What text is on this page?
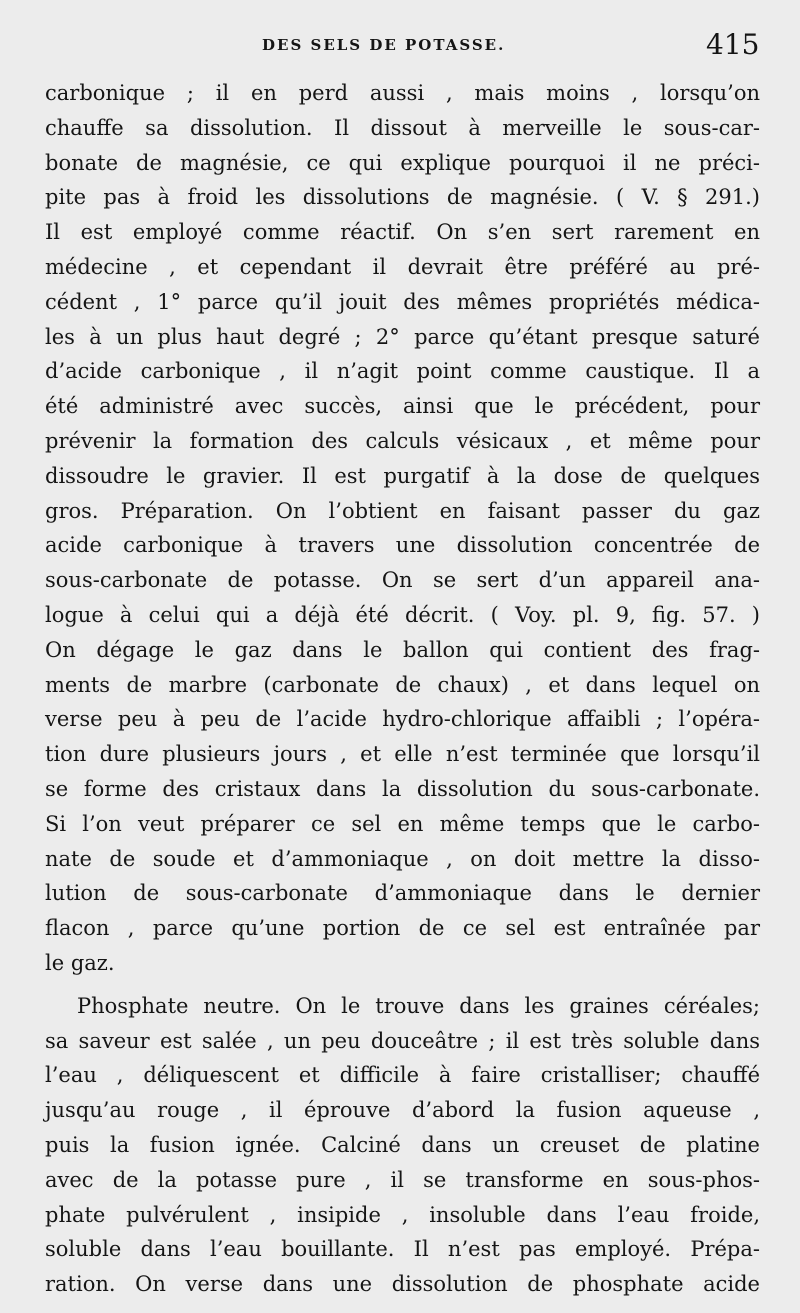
DES SELS DE POTASSE.	415
carbonique ; il en perd aussi , mais moins , lorsqu’on
chauffe sa dissolution. Il dissout à merveille le sous-car-
bonate de magnésie, ce qui explique pourquoi il ne préci-
pite pas à froid les dissolutions de magnésie. ( V. § 291.)
Il est employé comme réactif. On s’en sert rarement en
médecine , et cependant il devrait être préféré au pré-
cédent , 1° parce qu’il jouit des mêmes propriétés médica-
les à un plus haut degré ; 2° parce qu’étant presque saturé
d’acide carbonique , il n’agit point comme caustique. Il a
été administré avec succès, ainsi que le précédent, pour
prévenir la formation des calculs vésicaux , et même pour
dissoudre le gravier. Il est purgatif à la dose de quelques
gros. Préparation. On l’obtient en faisant passer du gaz
acide carbonique à travers une dissolution concentrée de
sous-carbonate de potasse. On se sert d’un appareil ana-
logue à celui qui a déjà été décrit. ( Voy. pl. 9, fig. 57. )
On dégage le gaz dans le ballon qui contient des frag-
ments de marbre (carbonate de chaux) , et dans lequel on
verse peu à peu de l’acide hydro-chlorique affaibli ; l’opéra-
tion dure plusieurs jours , et elle n’est terminée que lorsqu’il
se forme des cristaux dans la dissolution du sous-carbonate.
Si l’on veut préparer ce sel en même temps que le carbo-
nate de soude et d’ammoniaque , on doit mettre la disso-
lution de sous-carbonate d’ammoniaque dans le dernier
flacon , parce qu’une portion de ce sel est entraînée par
le gaz.
Phosphate neutre. On le trouve dans les graines céréales;
sa saveur est salée , un peu douceâtre ; il est très soluble dans
l’eau , déliquescent et difficile à faire cristalliser; chauffé
jusqu’au rouge , il éprouve d’abord la fusion aqueuse ,
puis la fusion ignée. Calciné dans un creuset de platine
avec de la potasse pure , il se transforme en sous-phos-
phate pulvérulent , insipide , insoluble dans l’eau froide,
soluble dans l’eau bouillante. Il n’est pas employé. Prépa-
ration. On verse dans une dissolution de phosphate acide
